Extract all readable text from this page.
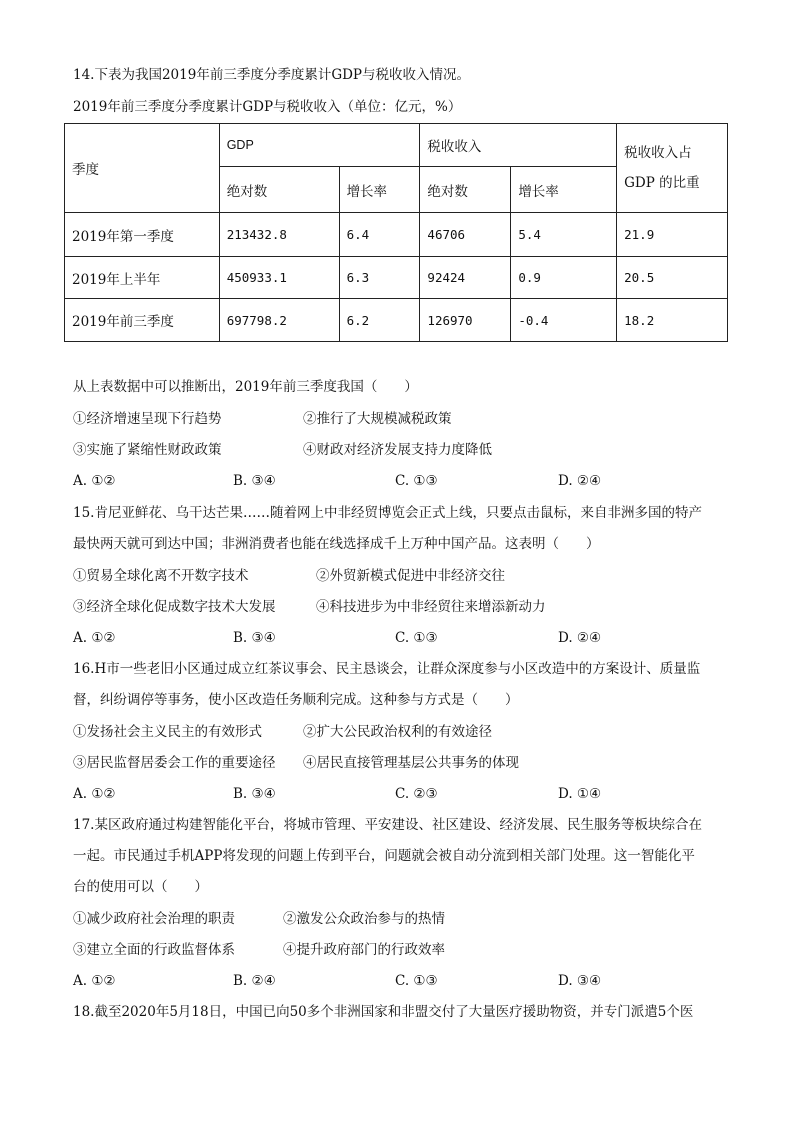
14.下表为我国2019年前三季度分季度累计GDP与税收收入情况。
2019年前三季度分季度累计GDP与税收收入（单位：亿元，%）
季度	GDP		税收收入		税收收入占
GDP 的比重

	绝对数	增长率	绝对数	增长率	
2019年第一季度	213432.8	6.4	46706	5.4	21.9
2019年上半年	450933.1	6.3	92424	0.9	20.5
2019年前三季度	697798.2	6.2	126970	-0.4	18.2
从上表数据中可以推断出，2019年前三季度我国（　　）
①经济增速呈现下行趋势	②推行了大规模减税政策
③实施了紧缩性财政政策	④财政对经济发展支持力度降低
A. ①②	B. ③④	C. ①③	D. ②④
15.肯尼亚鲜花、乌干达芒果……随着网上中非经贸博览会正式上线，只要点击鼠标，来自非洲多国的特产
最快两天就可到达中国；非洲消费者也能在线选择成千上万种中国产品。这表明（　　）
①贸易全球化离不开数字技术	②外贸新模式促进中非经济交往
③经济全球化促成数字技术大发展	④科技进步为中非经贸往来增添新动力
A. ①②	B. ③④	C. ①③	D. ②④
16.H市一些老旧小区通过成立红茶议事会、民主恳谈会，让群众深度参与小区改造中的方案设计、质量监
督，纠纷调停等事务，使小区改造任务顺利完成。这种参与方式是（　　）
①发扬社会主义民主的有效形式	②扩大公民政治权利的有效途径
③居民监督居委会工作的重要途径 ④居民直接管理基层公共事务的体现
A. ①②	B. ③④	C. ②③	D. ①④
17.某区政府通过构建智能化平台，将城市管理、平安建设、社区建设、经济发展、民生服务等板块综合在
一起。市民通过手机APP将发现的问题上传到平台，问题就会被自动分流到相关部门处理。这一智能化平
台的使用可以（　　）
①减少政府社会治理的职责	②激发公众政治参与的热情
③建立全面的行政监督体系	④提升政府部门的行政效率
A. ①②	B. ②④	C. ①③	D. ③④
18.截至2020年5月18日，中国已向50多个非洲国家和非盟交付了大量医疗援助物资，并专门派遣5个医
